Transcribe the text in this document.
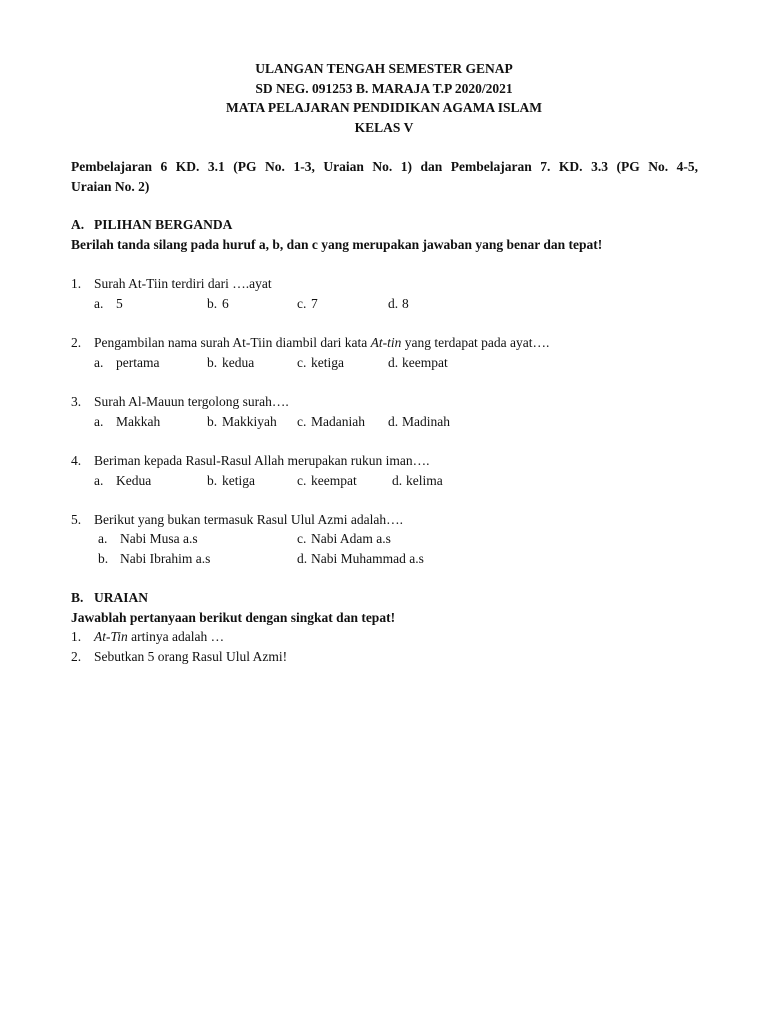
ULANGAN TENGAH SEMESTER GENAP
SD NEG. 091253 B. MARAJA T.P 2020/2021
MATA PELAJARAN PENDIDIKAN AGAMA ISLAM
KELAS V
Pembelajaran 6 KD. 3.1 (PG No. 1-3, Uraian No. 1) dan Pembelajaran 7. KD. 3.3 (PG No. 4-5,
Uraian No. 2)
A. PILIHAN BERGANDA
Berilah tanda silang pada huruf a, b, dan c yang merupakan jawaban yang benar dan tepat!
1. Surah At-Tiin terdiri dari ….ayat
a. 5	b. 6	c. 7	d. 8
2. Pengambilan nama surah At-Tiin diambil dari kata At-tin yang terdapat pada ayat….
a. pertama	b. kedua	c. ketiga	d. keempat
3. Surah Al-Mauun tergolong surah….
a. Makkah	b. Makkiyah c. Madaniah d. Madinah
4. Beriman kepada Rasul-Rasul Allah merupakan rukun iman….
a. Kedua	b. ketiga	c. keempat	d. kelima
5. Berikut yang bukan termasuk Rasul Ulul Azmi adalah….
a. Nabi Musa a.s	c. Nabi Adam a.s
b. Nabi Ibrahim a.s	d. Nabi Muhammad a.s
B. URAIAN
Jawablah pertanyaan berikut dengan singkat dan tepat!
1. At-Tin artinya adalah …
2. Sebutkan 5 orang Rasul Ulul Azmi!
